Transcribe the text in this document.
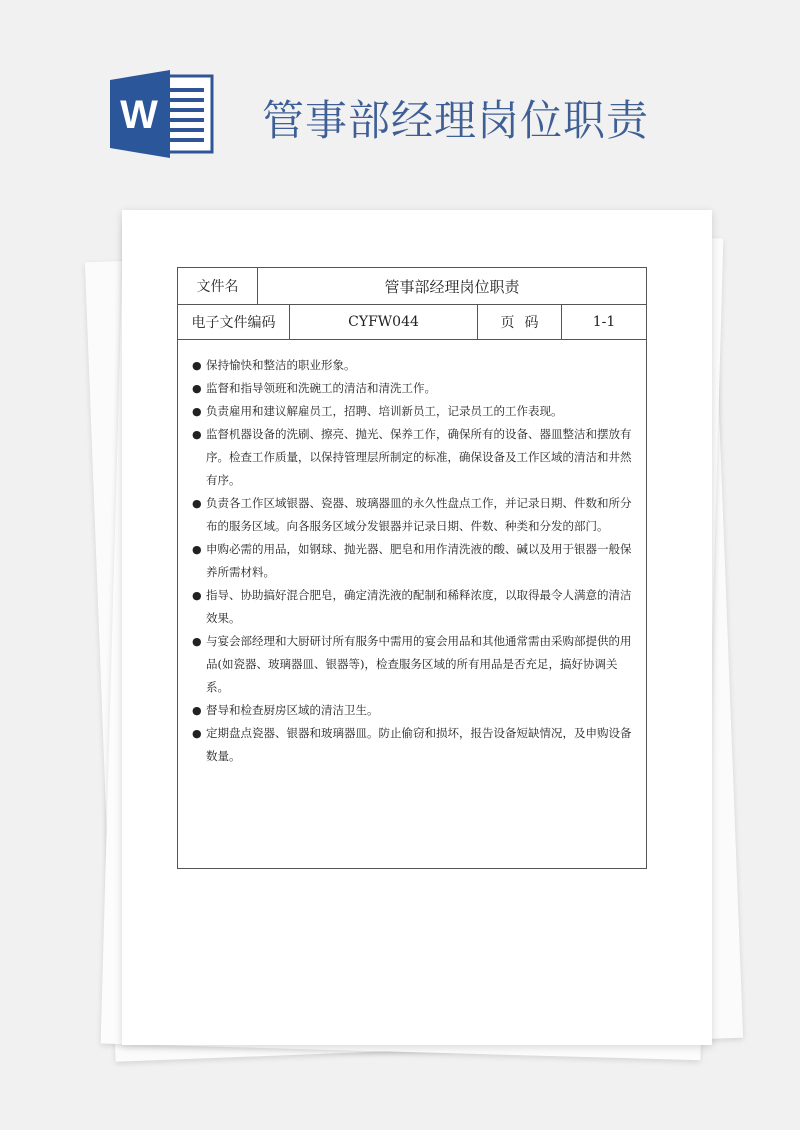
W 管事部经理岗位职责
文件名	管事部经理岗位职责
电子文件编码	CYFW044	页码	1-1
● 保持愉快和整洁的职业形象。
● 监督和指导领班和洗碗工的清洁和清洗工作。
● 负责雇用和建议解雇员工，招聘、培训新员工，记录员工的工作表现。
● 监督机器设备的洗刷、擦亮、抛光、保养工作，确保所有的设备、器皿整洁和摆放有序。检查工作质量，以保持管理层所制定的标准，确保设备及工作区域的清洁和井然有序。
● 负责各工作区域银器、瓷器、玻璃器皿的永久性盘点工作，并记录日期、件数和所分布的服务区域。向各服务区域分发银器并记录日期、件数、种类和分发的部门。
● 申购必需的用品，如钢球、抛光器、肥皂和用作清洗液的酸、碱以及用于银器一般保养所需材料。
● 指导、协助搞好混合肥皂，确定清洗液的配制和稀释浓度，以取得最令人满意的清洁效果。
● 与宴会部经理和大厨研讨所有服务中需用的宴会用品和其他通常需由采购部提供的用品(如瓷器、玻璃器皿、银器等)，检查服务区域的所有用品是否充足，搞好协调关系。
● 督导和检查厨房区域的清洁卫生。
● 定期盘点瓷器、银器和玻璃器皿。防止偷窃和损坏，报告设备短缺情况，及申购设备数量。
